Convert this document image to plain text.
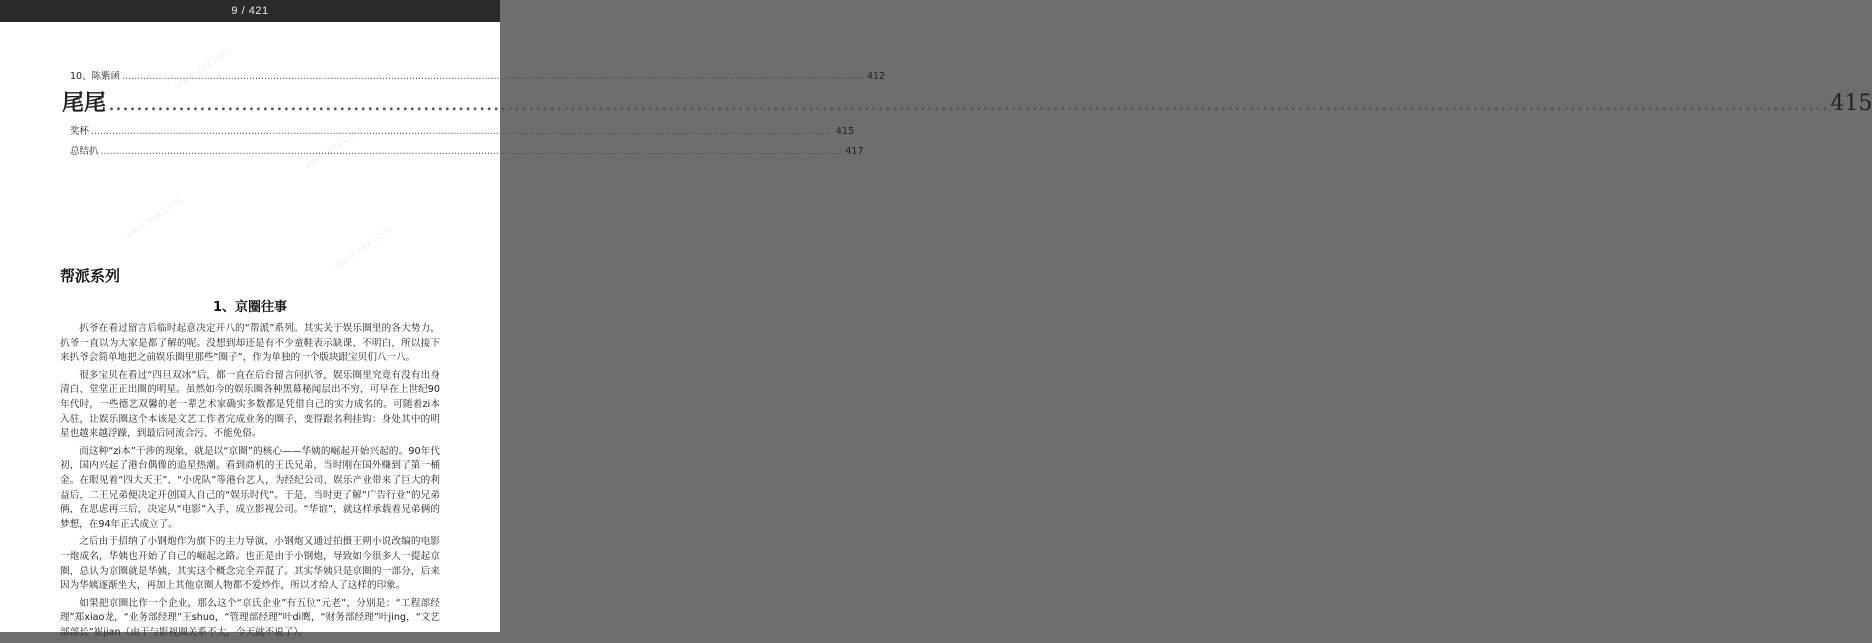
9 / 421
www.xxx.com
www.xxx.com
www.xxx.com
www.xxx.com
10、陈紫函 .....	412
尾尾 .....	415
奖杯 .....	415
总结扒 .....	417
帮派系列
1、京圈往事

扒爷在看过留言后临时起意决定开八的“帮派”系列。其实关于娱乐圈里的各大势力，扒爷一直以为大家是都了解的呢。没想到却还是有不少童鞋表示缺课、不明白，所以接下来扒爷会简单地把之前娱乐圈里那些“圈子”，作为单独的一个版块跟宝贝们八一八。

很多宝贝在看过“四旦双冰”后，都一直在后台留言问扒爷，娱乐圈里究竟有没有出身清白、堂堂正正出圈的明星。虽然如今的娱乐圈各种黑幕秘闻层出不穷，可早在上世纪90年代时，一些德艺双馨的老一辈艺术家确实多数都是凭借自己的实力成名的。可随着zi本入驻，让娱乐圈这个本该是文艺工作者完成业务的圈子，变得跟名利挂钩：身处其中的明星也越来越浮躁，到最后同流合污、不能免俗。

而这种“zi本”干涉的现象，就是以“京圈”的核心——华姨的崛起开始兴起的。90年代初，国内兴起了港台偶像的追星热潮。看到商机的王氏兄弟，当时刚在国外赚到了第一桶金。在眼见着“四大天王”、“小虎队”等港台艺人，为经纪公司、娱乐产业带来了巨大的利益后，二王兄弟便决定开创国人自己的“娱乐时代”。于是，当时更了解“广告行业”的兄弟俩，在思虑再三后，决定从“电影”入手，成立影视公司。“华谊”，就这样承载着兄弟俩的梦想，在94年正式成立了。

之后由于招纳了小钢炮作为旗下的主力导演，小钢炮又通过拍摄王朔小说改编的电影一炮成名，华姨也开始了自己的崛起之路。也正是由于小钢炮，导致如今很多人一提起京圈，总认为京圈就是华姨，其实这个概念完全弄混了。其实华姨只是京圈的一部分，后来因为华姨逐渐坐大，再加上其他京圈人物都不爱炒作，所以才给人了这样的印象。

如果把京圈比作一个企业，那么这个“京氏企业”有五位“元老”，分别是：“工程部经理”郑xiao龙，“业务部经理”王shuo，“管理部经理”叶di鹰，“财务部经理”叶jing，“文艺部部长”崔jian（由于与影视圈关系不大，今天就不说了）。
